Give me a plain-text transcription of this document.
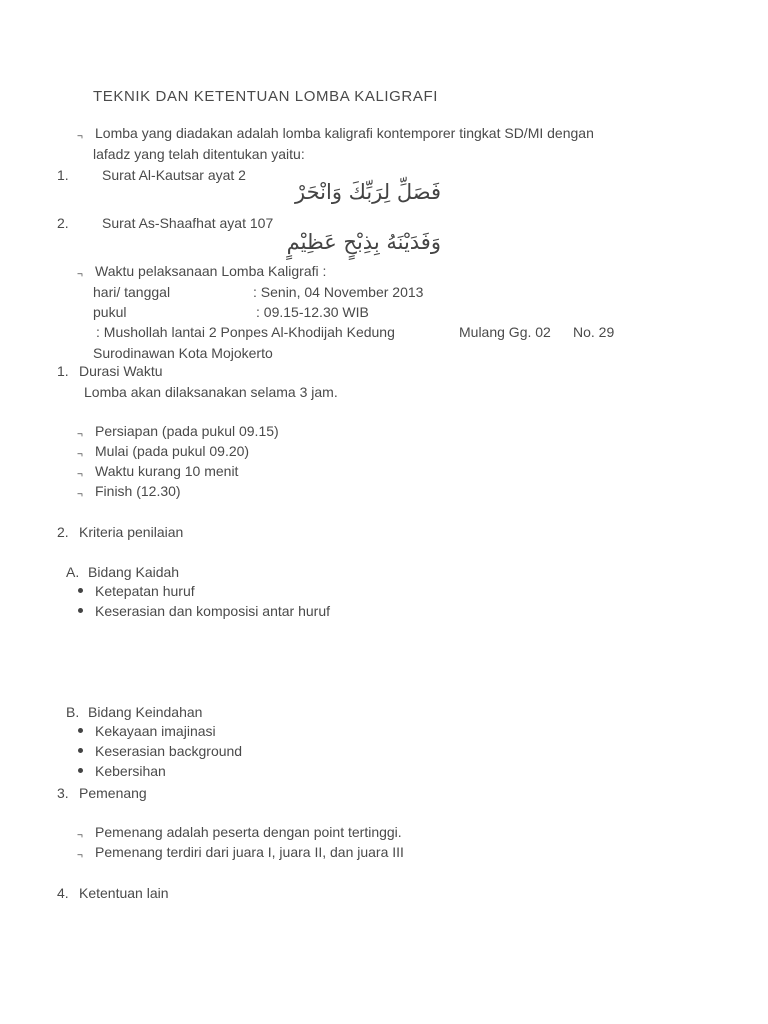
TEKNIK DAN KETENTUAN LOMBA KALIGRAFI
¬ Lomba yang diadakan adalah lomba kaligrafi kontemporer tingkat SD/MI dengan
lafadz yang telah ditentukan yaitu:
1. Surat Al-Kautsar ayat 2
فَصَلِّ لِرَبِّكَ وَانْحَرْ
2. Surat As-Shaafhat ayat 107
وَفَدَيْنَهُ بِذِبْحٍ عَظِيْمٍ
¬ Waktu pelaksanaan Lomba Kaligrafi :
hari/ tanggal	: Senin, 04 November 2013
pukul	: 09.15-12.30 WIB
: Mushollah lantai 2 Ponpes Al-Khodijah Kedung	Mulang Gg. 02 No. 29
Surodinawan Kota Mojokerto
1. Durasi Waktu
Lomba akan dilaksanakan selama 3 jam.
¬ Persiapan (pada pukul 09.15)
¬ Mulai (pada pukul 09.20)
¬ Waktu kurang 10 menit
¬ Finish (12.30)
2. Kriteria penilaian
A. Bidang Kaidah
Ketepatan huruf
Keserasian dan komposisi antar huruf
B. Bidang Keindahan
Kekayaan imajinasi
Keserasian background
Kebersihan
3. Pemenang
¬ Pemenang adalah peserta dengan point tertinggi.
¬ Pemenang terdiri dari juara I, juara II, dan juara III
4. Ketentuan lain
